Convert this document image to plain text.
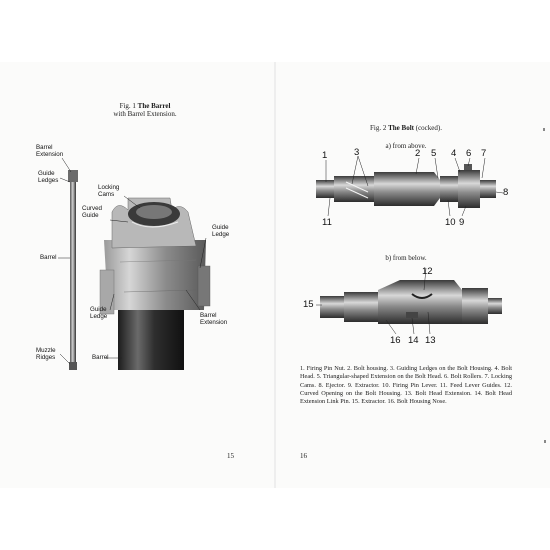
Fig. 1 The Barrel
with Barrel Extension.
Barrel Extension
Guide Ledges
Barrel
Muzzle Ridges
Locking Cams
Curved Guide
Guide Ledge
Guide Ledge	Barrel Extension
Barrel
15
Fig. 2 The Bolt (cocked).
a) from above.
1	3	2 5 4 6 7
8
11	10 9
b) from below.
12
15
16 14 13
1. Firing Pin Nut. 2. Bolt housing. 3. Guiding Ledges on the Bolt Housing. 4. Bolt Head. 5. Triangular-shaped Extension on the Bolt Head. 6. Bolt Rollers. 7. Locking Cams. 8. Ejector. 9. Extractor. 10. Firing Pin Lever. 11. Feed Lever Guides. 12. Curved Opening on the Bolt Housing. 13. Bolt Head Extension. 14. Bolt Head Extension Link Pin. 15. Extractor. 16. Bolt Housing Nose.
16
